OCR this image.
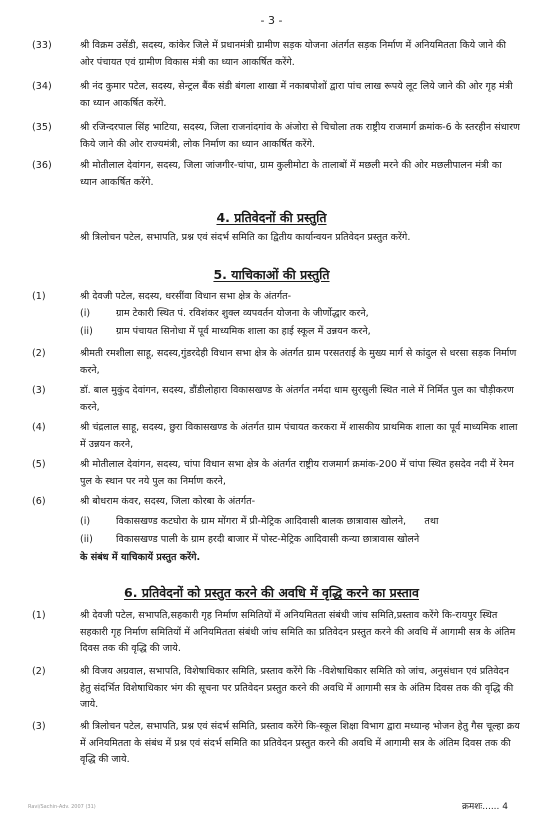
- 3 -
(33)	श्री विक्रम उसेंडी, सदस्य, कांकेर जिले में प्रधानमंत्री ग्रामीण सड़क योजना अंतर्गत सड़क निर्माण में अनियमितता किये जाने की ओर पंचायत एवं ग्रामीण विकास मंत्री का ध्यान आकर्षित करेंगे.
(34)	श्री नंद कुमार पटेल, सदस्य, सेन्ट्रल बैंक संडी बंगला शाखा में नकाबपोशों द्वारा पांच लाख रूपये लूट लिये जाने की ओर गृह मंत्री का ध्यान आकर्षित करेंगे.
(35)	श्री रजिन्दरपाल सिंह भाटिया, सदस्य, जिला राजनांदगांव के अंजोरा से चिचोला तक राष्ट्रीय राजमार्ग क्रमांक-6 के स्तरहीन संधारण किये जाने की ओर राज्यमंत्री, लोक निर्माण का ध्यान आकर्षित करेंगे.
(36)	श्री मोतीलाल देवांगन, सदस्य, जिला जांजगीर-चांपा, ग्राम कुलीमोटा के तालाबों में मछली मरने की ओर मछलीपालन मंत्री का ध्यान आकर्षित करेंगे.
4. प्रतिवेदनों की प्रस्तुति
श्री त्रिलोचन पटेल, सभापति, प्रश्न एवं संदर्भ समिति का द्वितीय कार्यान्वयन प्रतिवेदन प्रस्तुत करेंगे.
5. याचिकाओं की प्रस्तुति
(1)	श्री देवजी पटेल, सदस्य, धरसींवा विधान सभा क्षेत्र के अंतर्गत-
(i)	ग्राम टेकारी स्थित पं. रविशंकर शुक्ल व्यपवर्तन योजना के जीर्णोद्धार करने,
(ii)	ग्राम पंचायत सिनोधा में पूर्व माध्यमिक शाला का हाई स्कूल में उन्नयन करने,
(2)	श्रीमती रमशीला साहू, सदस्य,गुंडरदेही विधान सभा क्षेत्र के अंतर्गत ग्राम परसतराई के मुख्य मार्ग से कांदुल से धरसा सड़क निर्माण करने,
(3)	डॉ. बाल मुकुंद देवांगन, सदस्य, डौंडीलोहारा विकासखण्ड के अंतर्गत नर्मदा धाम सुरसुली स्थित नाले में निर्मित पुल का चौड़ीकरण करने,
(4)	श्री चंद्रलाल साहू, सदस्य, छुरा विकासखण्ड के अंतर्गत ग्राम पंचायत करकरा में शासकीय प्राथमिक शाला का पूर्व माध्यमिक शाला में उन्नयन करने,
(5)	श्री मोतीलाल देवांगन, सदस्य, चांपा विधान सभा क्षेत्र के अंतर्गत राष्ट्रीय राजमार्ग क्रमांक-200 में चांपा स्थित हसदेव नदी में रेमन पुल के स्थान पर नये पुल का निर्माण करने,
(6)	श्री बोधराम कंवर, सदस्य, जिला कोरबा के अंतर्गत-
(i)	विकासखण्ड कटघोरा के ग्राम मोंगरा में प्री-मेट्रिक आदिवासी बालक छात्रावास खोलने,      तथा
(ii)	विकासखण्ड पाली के ग्राम हरदी बाजार में पोस्ट-मेट्रिक आदिवासी कन्या छात्रावास खोलने
के संबंध में याचिकायें प्रस्तुत करेंगे.
6. प्रतिवेदनों को प्रस्तुत करने की अवधि में वृद्धि करने का प्रस्ताव
(1)	श्री देवजी पटेल, सभापति,सहकारी गृह निर्माण समितियों में अनियमितता संबंधी जांच समिति,प्रस्ताव करेंगे कि-रायपुर स्थित सहकारी गृह निर्माण समितियों में अनियमितता संबंधी जांच समिति का प्रतिवेदन प्रस्तुत करने की अवधि में आगामी सत्र के अंतिम दिवस तक की वृद्धि की जाये.
(2)	श्री विजय अग्रवाल, सभापति, विशेषाधिकार समिति, प्रस्ताव करेंगे कि -विशेषाधिकार समिति को जांच, अनुसंधान एवं प्रतिवेदन हेतु संदर्भित विशेषाधिकार भंग की सूचना पर प्रतिवेदन प्रस्तुत करने की अवधि में आगामी सत्र के अंतिम दिवस तक की वृद्धि की जाये.
(3)	श्री त्रिलोचन पटेल, सभापति, प्रश्न एवं संदर्भ समिति, प्रस्ताव करेंगे कि-स्कूल शिक्षा विभाग द्वारा मध्यान्ह भोजन हेतु गैस चूल्हा क्रय में अनियमितता के संबंध में प्रश्न एवं संदर्भ समिति का प्रतिवेदन प्रस्तुत करने की अवधि में आगामी सत्र के अंतिम दिवस तक की वृद्धि की जाये.
Ravi/Sachin-Adv. 2007 (31)	क्रमशः...... 4
